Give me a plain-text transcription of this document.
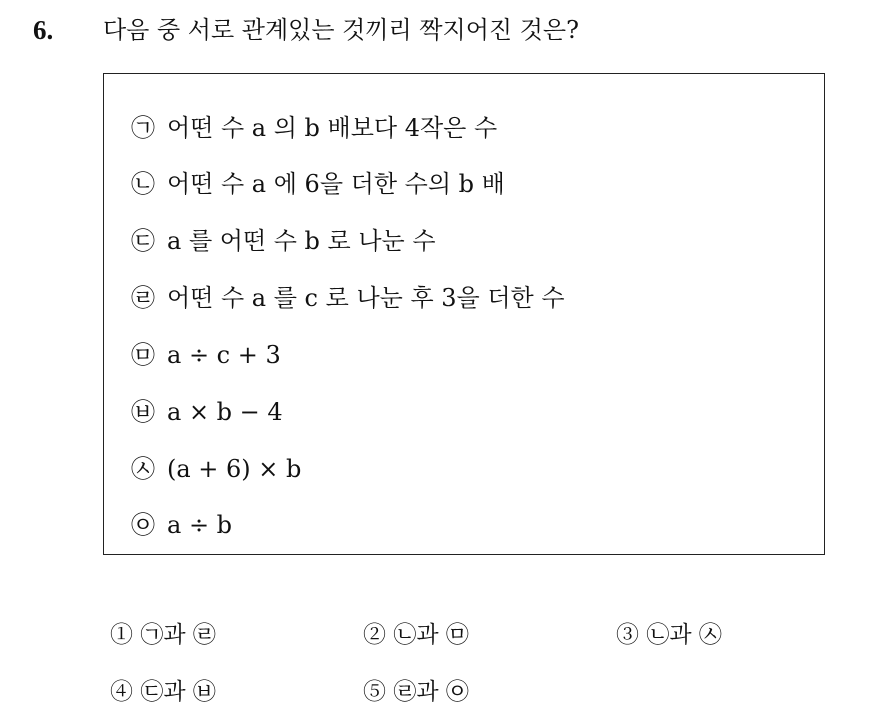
6. 다음 중 서로 관계있는 것끼리 짝지어진 것은?
㉠ 어떤 수 a 의 b 배보다 4작은 수
㉡ 어떤 수 a 에 6을 더한 수의 b 배
㉢ a 를 어떤 수 b 로 나눈 수
㉣ 어떤 수 a 를 c 로 나눈 후 3을 더한 수
㉤ a ÷ c + 3
㉥ a × b − 4
㉦ (a + 6) × b
㉧ a ÷ b
① ㉠과 ㉣	② ㉡과 ㉤	③ ㉡과 ㉦
④ ㉢과 ㉥	⑤ ㉣과 ㉧
